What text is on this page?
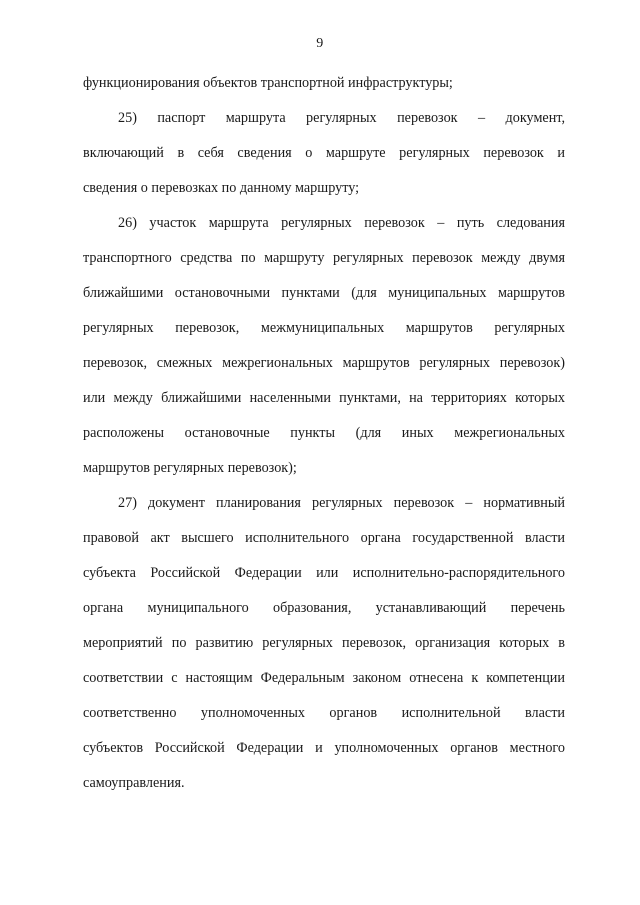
9
функционирования объектов транспортной инфраструктуры;
25) паспорт маршрута регулярных перевозок – документ,
включающий в себя сведения о маршруте регулярных перевозок и
сведения о перевозках по данному маршруту;
26) участок маршрута регулярных перевозок – путь следования
транспортного средства по маршруту регулярных перевозок между двумя
ближайшими остановочными пунктами (для муниципальных маршрутов
регулярных перевозок, межмуниципальных маршрутов регулярных
перевозок, смежных межрегиональных маршрутов регулярных перевозок)
или между ближайшими населенными пунктами, на территориях которых
расположены остановочные пункты (для иных межрегиональных
маршрутов регулярных перевозок);
27) документ планирования регулярных перевозок – нормативный
правовой акт высшего исполнительного органа государственной власти
субъекта Российской Федерации или исполнительно-распорядительного
органа муниципального образования, устанавливающий перечень
мероприятий по развитию регулярных перевозок, организация которых в
соответствии с настоящим Федеральным законом отнесена к компетенции
соответственно уполномоченных органов исполнительной власти
субъектов Российской Федерации и уполномоченных органов местного
самоуправления.
